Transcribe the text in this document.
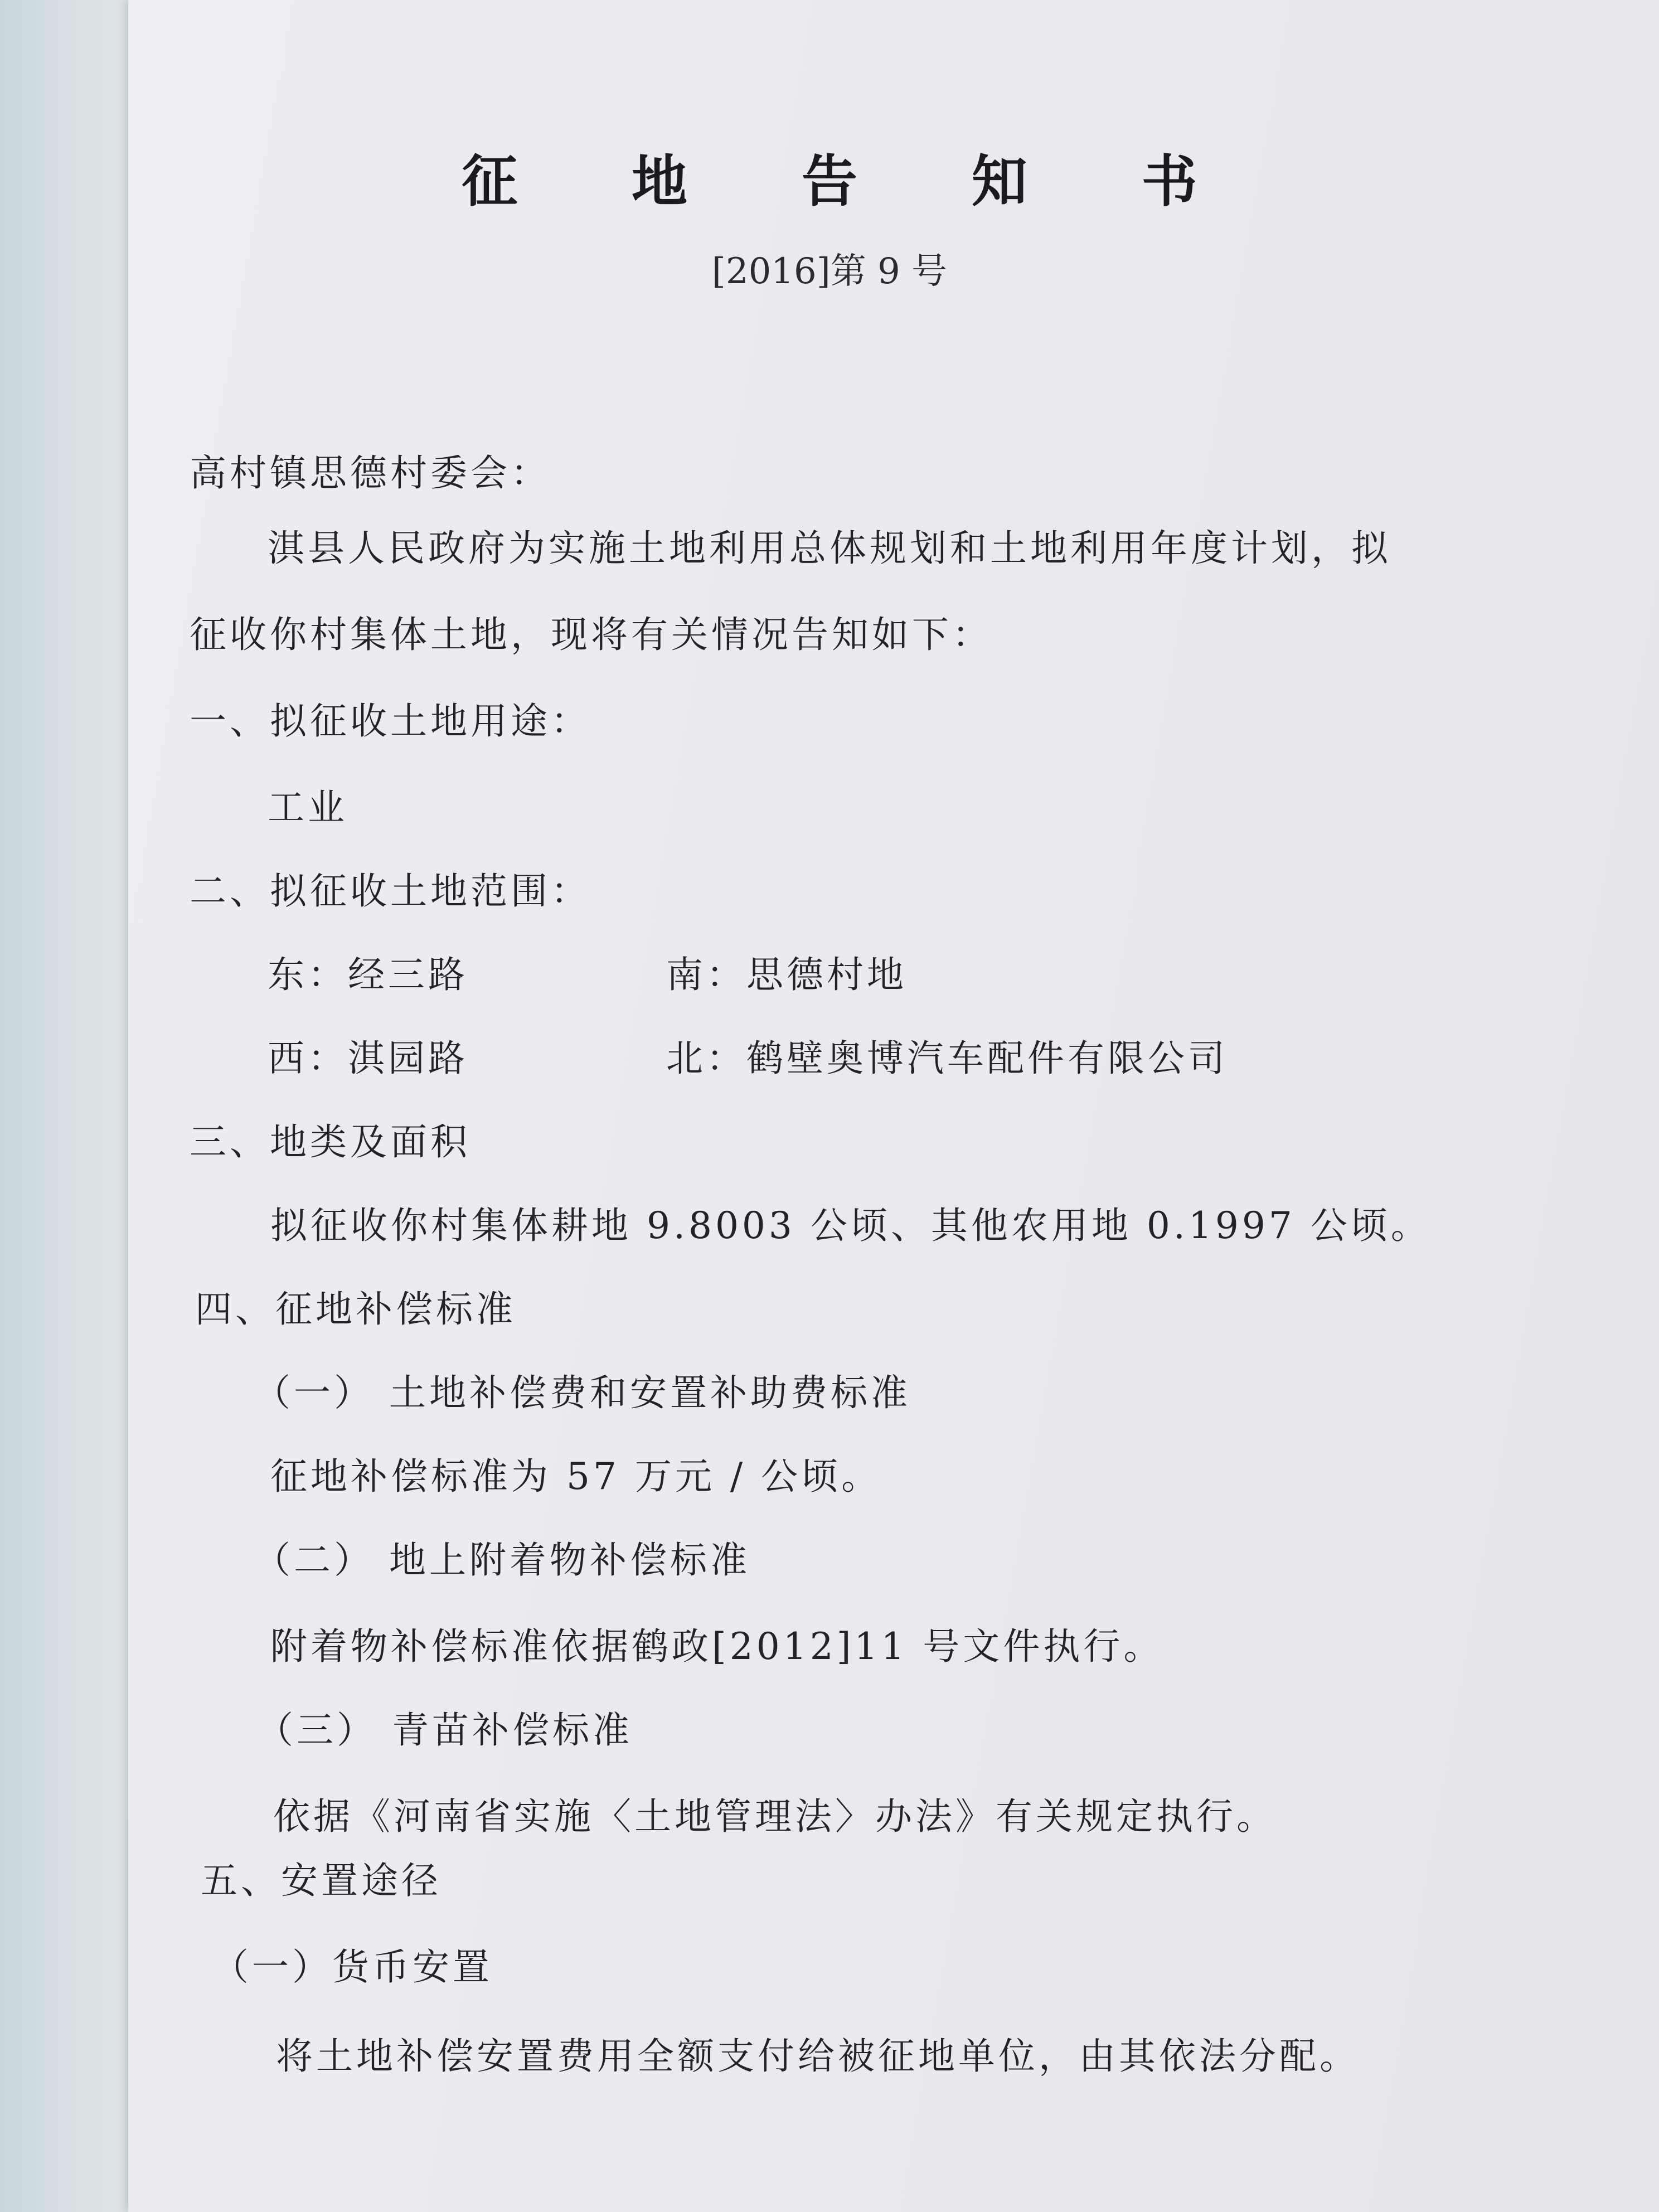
征 地 告 知 书
[2016]第 9 号
高村镇思德村委会：
淇县人民政府为实施土地利用总体规划和土地利用年度计划，拟
征收你村集体土地，现将有关情况告知如下：
一、拟征收土地用途：
工业
二、拟征收土地范围：
东：经三路	南：思德村地
西：淇园路	北：鹤壁奥博汽车配件有限公司
三、地类及面积
拟征收你村集体耕地 9.8003 公顷、其他农用地 0.1997 公顷。
四、征地补偿标准
（一） 土地补偿费和安置补助费标准
征地补偿标准为 57 万元 / 公顷。
（二） 地上附着物补偿标准
附着物补偿标准依据鹤政[2012]11 号文件执行。
（三） 青苗补偿标准
依据《河南省实施〈土地管理法〉办法》有关规定执行。
五、安置途径
（一）货币安置
将土地补偿安置费用全额支付给被征地单位，由其依法分配。
